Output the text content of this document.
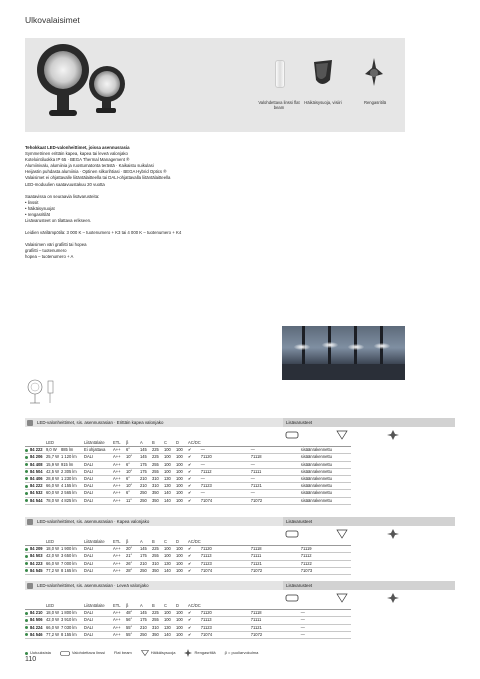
Ulkovalaisimet
Valohdettava linssi flat beam
Häikäisysuoja, visiiri	Rengasritilä
Tehokkaat LED-valonheittimet, joissa asennusrasia
Symmetrinen erittäin kapea, kapea tai leveä valonjako
Kotelointiluokka IP 65 · BEGA Thermal Management ®
Alumiinivalu, alumiinia ja ruostumatonta terästä · Kaikaistu suikulasi
Heijastin puhdasta alumiinia · Optinen silkorihtiasi · BEGA Hybrid Optics ®
Valaisimet ei ohjattavalle liitäntälaitteella tai DALI-ohjattavalla liitäntälaitteella
LED-moduulien saatavuustakuu 20 vuotta
Saatavissa on seuraavia lisävarusteita:
• linssit
• häikäisysuojat
• rengasritilät
Lisävarusteet on tilattava erikseen.
Leidien värilämpötila: 3 000 K – tuotenumero + K3 tai 4 000 K – tuotenumero + K4
Valaisimen väri grafiitti tai hopea
grafiitti – tuotenumero
hopea – tuotenumero + A
LED-valonheittimet, sis. asennusrasian · Erittäin kapea valonjako	Lisävarusteet
	LED		Liitäntälaite	ETL	β	A	B	C	D	AC/DC			
84 222	9,0 W	885 lm	Ei ohjattava	A++	6°	145	225	100	100	✔	—	—	sisäänrakennettu
84 206	25,7 W	1 120 lm	DALI	A++	10°	145	225	100	100	✔	71120	71118	sisäänrakennettu
84 408	15,9 W	915 lm	DALI	A++	6°	175	255	100	100	✔	—	—	sisäänrakennettu
84 504	42,5 W	2 305 lm	DALI	A++	10°	175	255	100	100	✔	71112	71111	sisäänrakennettu
84 406	28,8 W	1 230 lm	DALI	A++	6°	210	310	130	100	✔	—	—	sisäänrakennettu
84 222	66,0 W	4 155 lm	DALI	A++	10°	210	310	130	100	✔	71123	71121	sisäänrakennettu
84 532	60,0 W	2 565 lm	DALI	A++	6°	250	350	140	100	✔	—	—	sisäänrakennettu
84 544	78,0 W	4 825 lm	DALI	A++	11°	250	350	140	100	✔	71074	71072	sisäänrakennettu
LED-valonheittimet, sis. asennusrasian · Kapea valonjako	Lisävarusteet
	LED		Liitäntälaite	ETL	β	A	B	C	D	AC/DC			
84 209	18,0 W	1 900 lm	DALI	A++	20°	145	225	100	100	✔	71120	71118	71119
84 503	42,0 W	3 650 lm	DALI	A++	21°	175	255	100	100	✔	71113	71111	71112
84 223	66,0 W	7 000 lm	DALI	A++	26°	210	310	130	100	✔	71123	71121	71122
84 545	77,2 W	8 165 lm	DALI	A++	28°	250	350	140	100	✔	71074	71072	71073
LED-valonheittimet, sis. asennusrasian · Leveä valonjako	Lisävarusteet
	LED		Liitäntälaite	ETL	β	A	B	C	D	AC/DC			
84 210	18,0 W	1 800 lm	DALI	A++	48°	145	225	100	100	✔	71120	71118	—
84 506	42,0 W	3 910 lm	DALI	A++	56°	175	255	100	100	✔	71113	71111	—
84 224	66,0 W	7 030 lm	DALI	A++	55°	210	310	130	100	✔	71123	71121	—
84 546	77,2 W	8 155 lm	DALI	A++	55°	250	350	140	100	✔	71074	71072	—
Uutuuksista	Valohdettava linssi Flat beam	Häikäisysuoja	Rengasritilä β = puoliarvokulma
110
